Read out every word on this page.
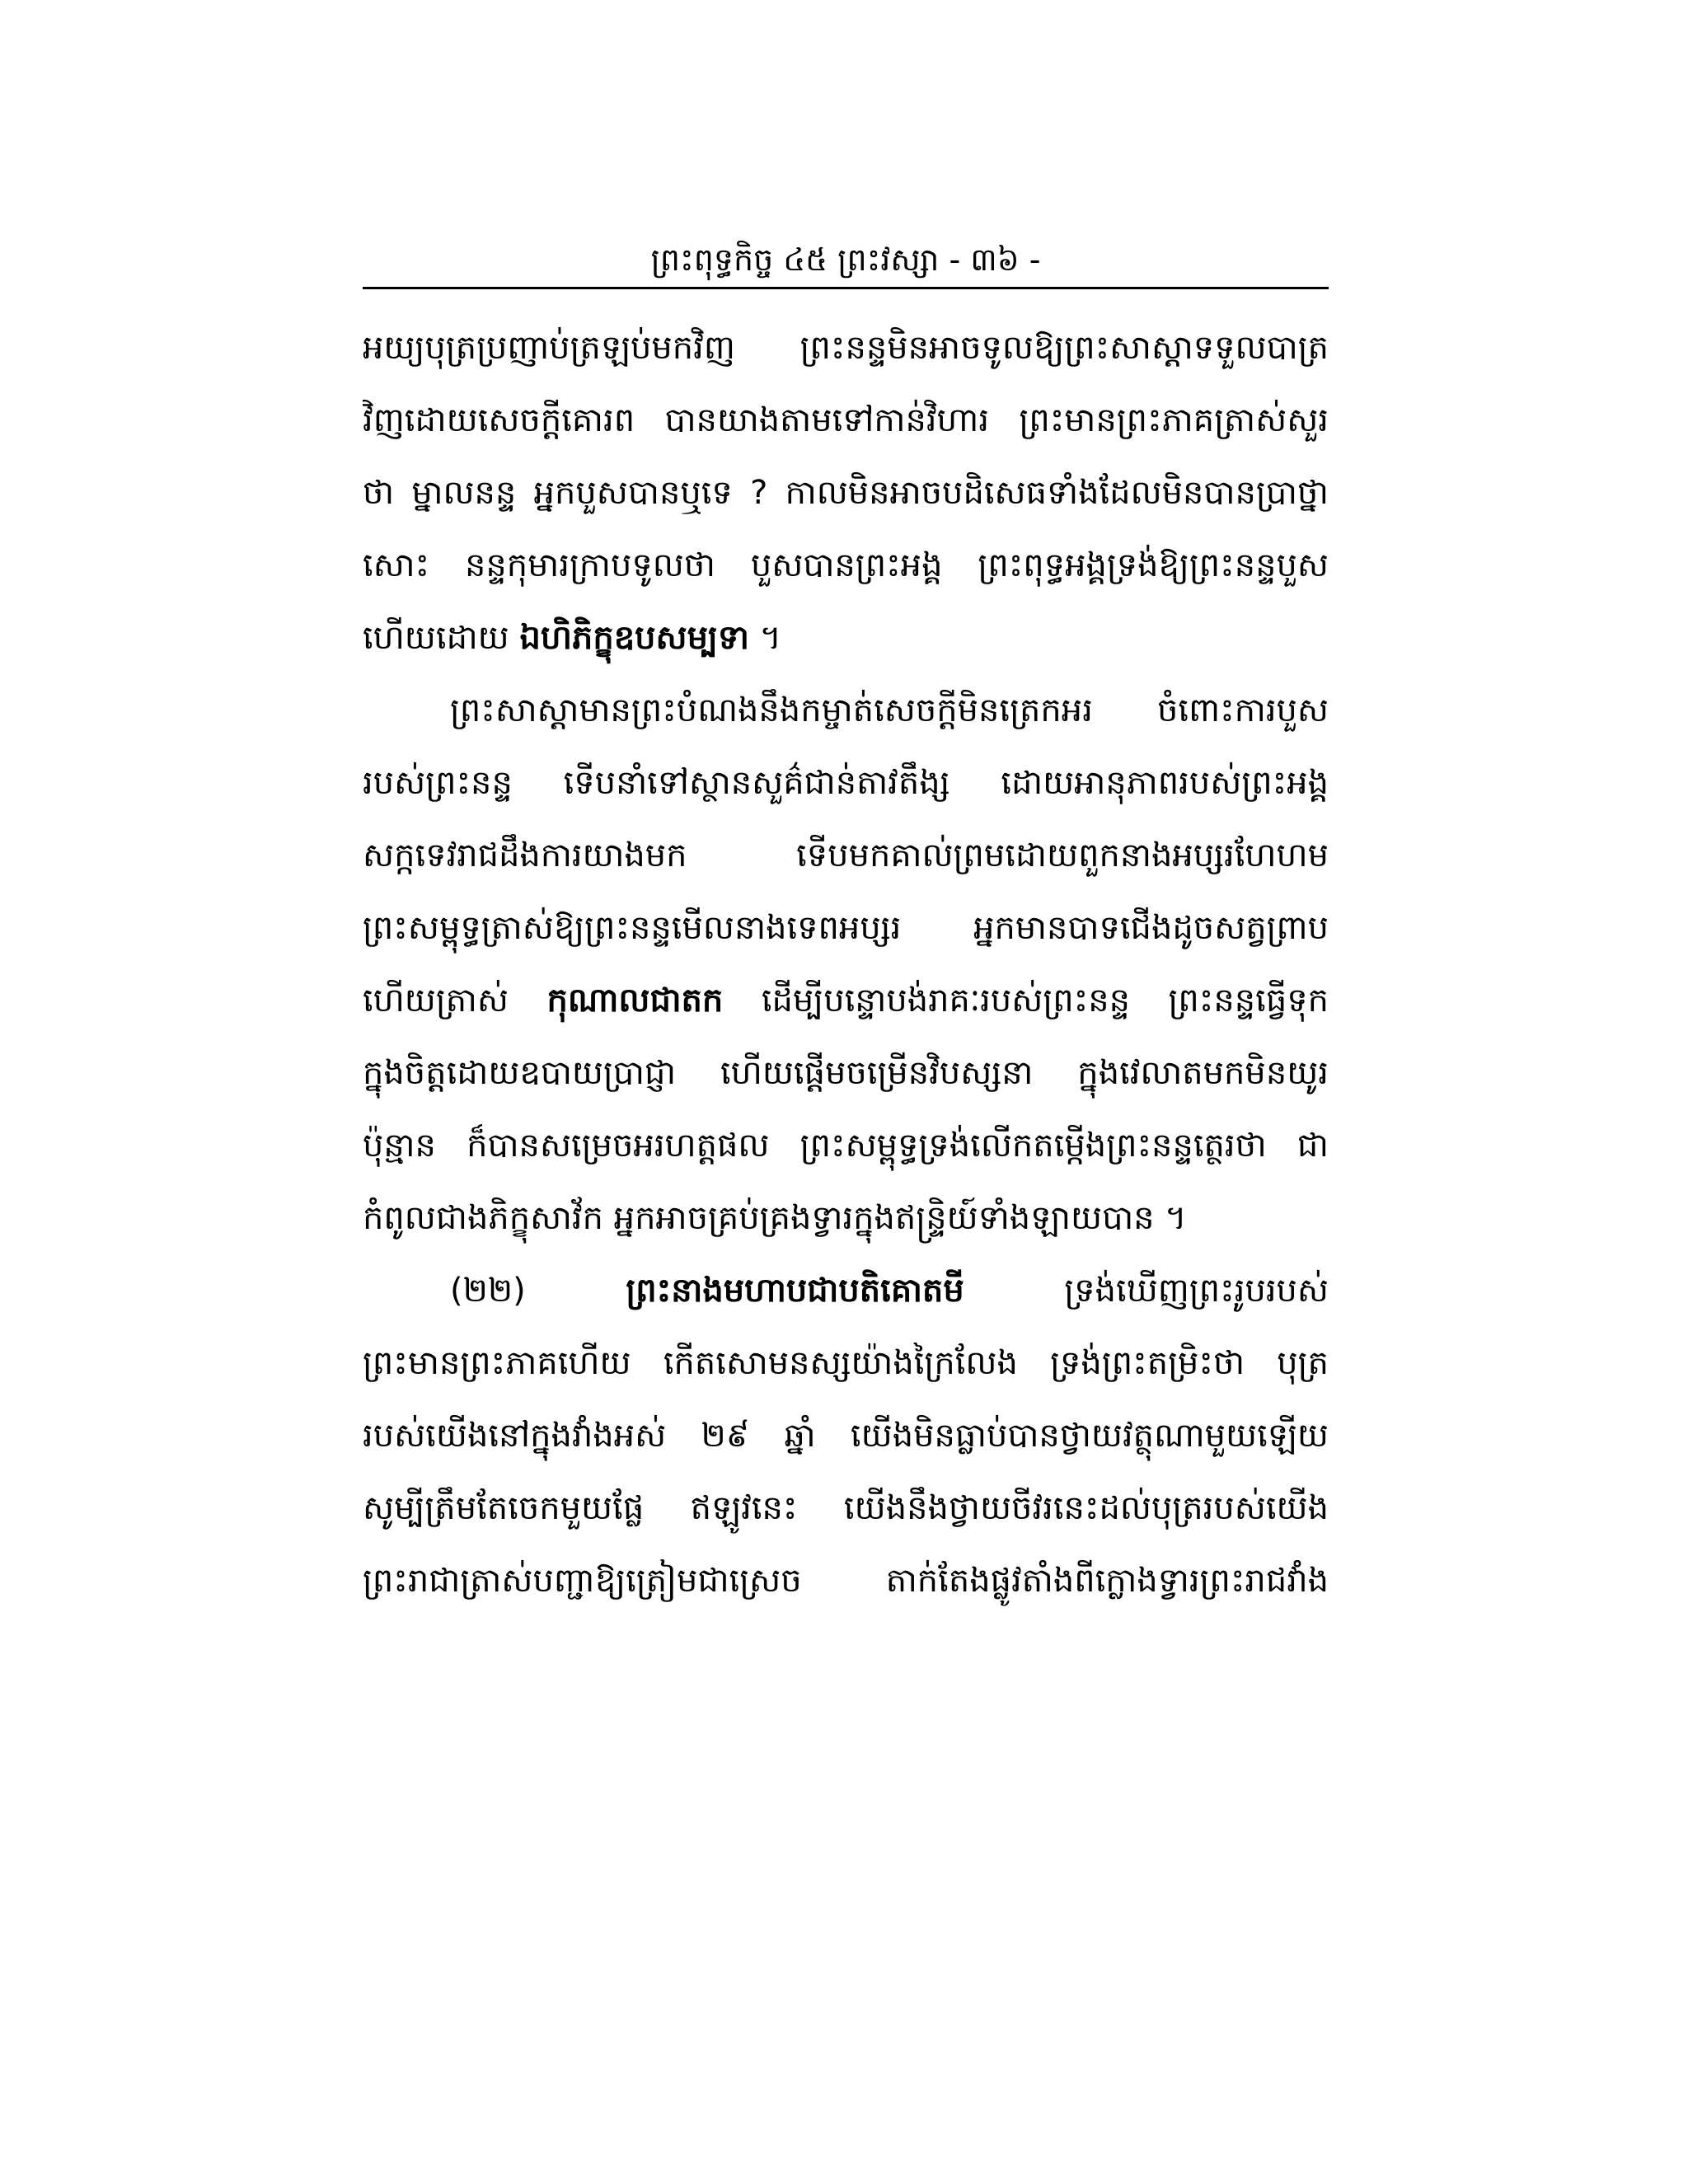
ព្រះពុទ្ធកិច្ច ៤៥ ព្រះវស្សា - ៣៦ -
អយ្យបុត្រប្រញាប់ត្រឡប់មកវិញ ព្រះនន្ទមិនអាចទូលឱ្យព្រះសាស្តាទទួលបាត្រ
វិញដោយសេចក្តីគោរព បានយាងតាមទៅកាន់វិហារ ព្រះមានព្រះភាគត្រាស់សួរ
ថា ម្នាលនន្ទ អ្នកបួសបានឬទេ ? កាលមិនអាចបដិសេធទាំងដែលមិនបានប្រាថ្នា
សោះ នន្ទកុមារក្រាបទូលថា បួសបានព្រះអង្គ ព្រះពុទ្ធអង្គទ្រង់ឱ្យព្រះនន្ទបួស
ហើយដោយ ឯហិភិក្ខុឧបសម្បទា ។
ព្រះសាស្តាមានព្រះបំណងនឹងកម្ចាត់សេចក្តីមិនត្រេកអរ ចំពោះការបួស
របស់ព្រះនន្ទ ទើបនាំទៅស្ថានសួគ៌ជាន់តាវតឹង្ស ដោយអានុភាពរបស់ព្រះអង្គ
សក្កទេវរាជដឹងការយាងមក ទើបមកគាល់ព្រមដោយពួកនាងអប្សរហែហម
ព្រះសម្ពុទ្ធត្រាស់ឱ្យព្រះនន្ទមើលនាងទេពអប្សរ អ្នកមានបាទជើងដូចសត្វព្រាប
ហើយត្រាស់ កុណាលជាតក ដើម្បីបន្ទោបង់រាគៈរបស់ព្រះនន្ទ ព្រះនន្ទធ្វើទុក
ក្នុងចិត្តដោយឧបាយប្រាជ្ញា ហើយផ្តើមចម្រើនវិបស្សនា ក្នុងវេលាតមកមិនយូរ
ប៉ុន្មាន ក៏បានសម្រេចអរហត្តផល ព្រះសម្ពុទ្ធទ្រង់លើកតម្កើងព្រះនន្ទត្ថេរថា ជា
កំពូលជាងភិក្ខុសាវ័ក អ្នកអាចគ្រប់គ្រងទ្វារក្នុងឥន្ទ្រិយ៍ទាំងឡាយបាន ។
(២២)	ព្រះនាងមហាបជាបតិគោតមី ទ្រង់ឃើញព្រះរូបរបស់
ព្រះមានព្រះភាគហើយ កើតសោមនស្សយ៉ាងក្រៃលែង ទ្រង់ព្រះតម្រិះថា បុត្រ
របស់យើងនៅក្នុងវាំងអស់ ២៩ ឆ្នាំ យើងមិនធ្លាប់បានថ្វាយវត្ថុណាមួយឡើយ
សូម្បីត្រឹមតែចេកមួយផ្លែ ឥឡូវនេះ យើងនឹងថ្វាយចីវរនេះដល់បុត្ររបស់យើង
ព្រះរាជាត្រាស់បញ្ជាឱ្យត្រៀមជាស្រេច តាក់តែងផ្លូវតាំងពីក្លោងទ្វារព្រះរាជវាំង
